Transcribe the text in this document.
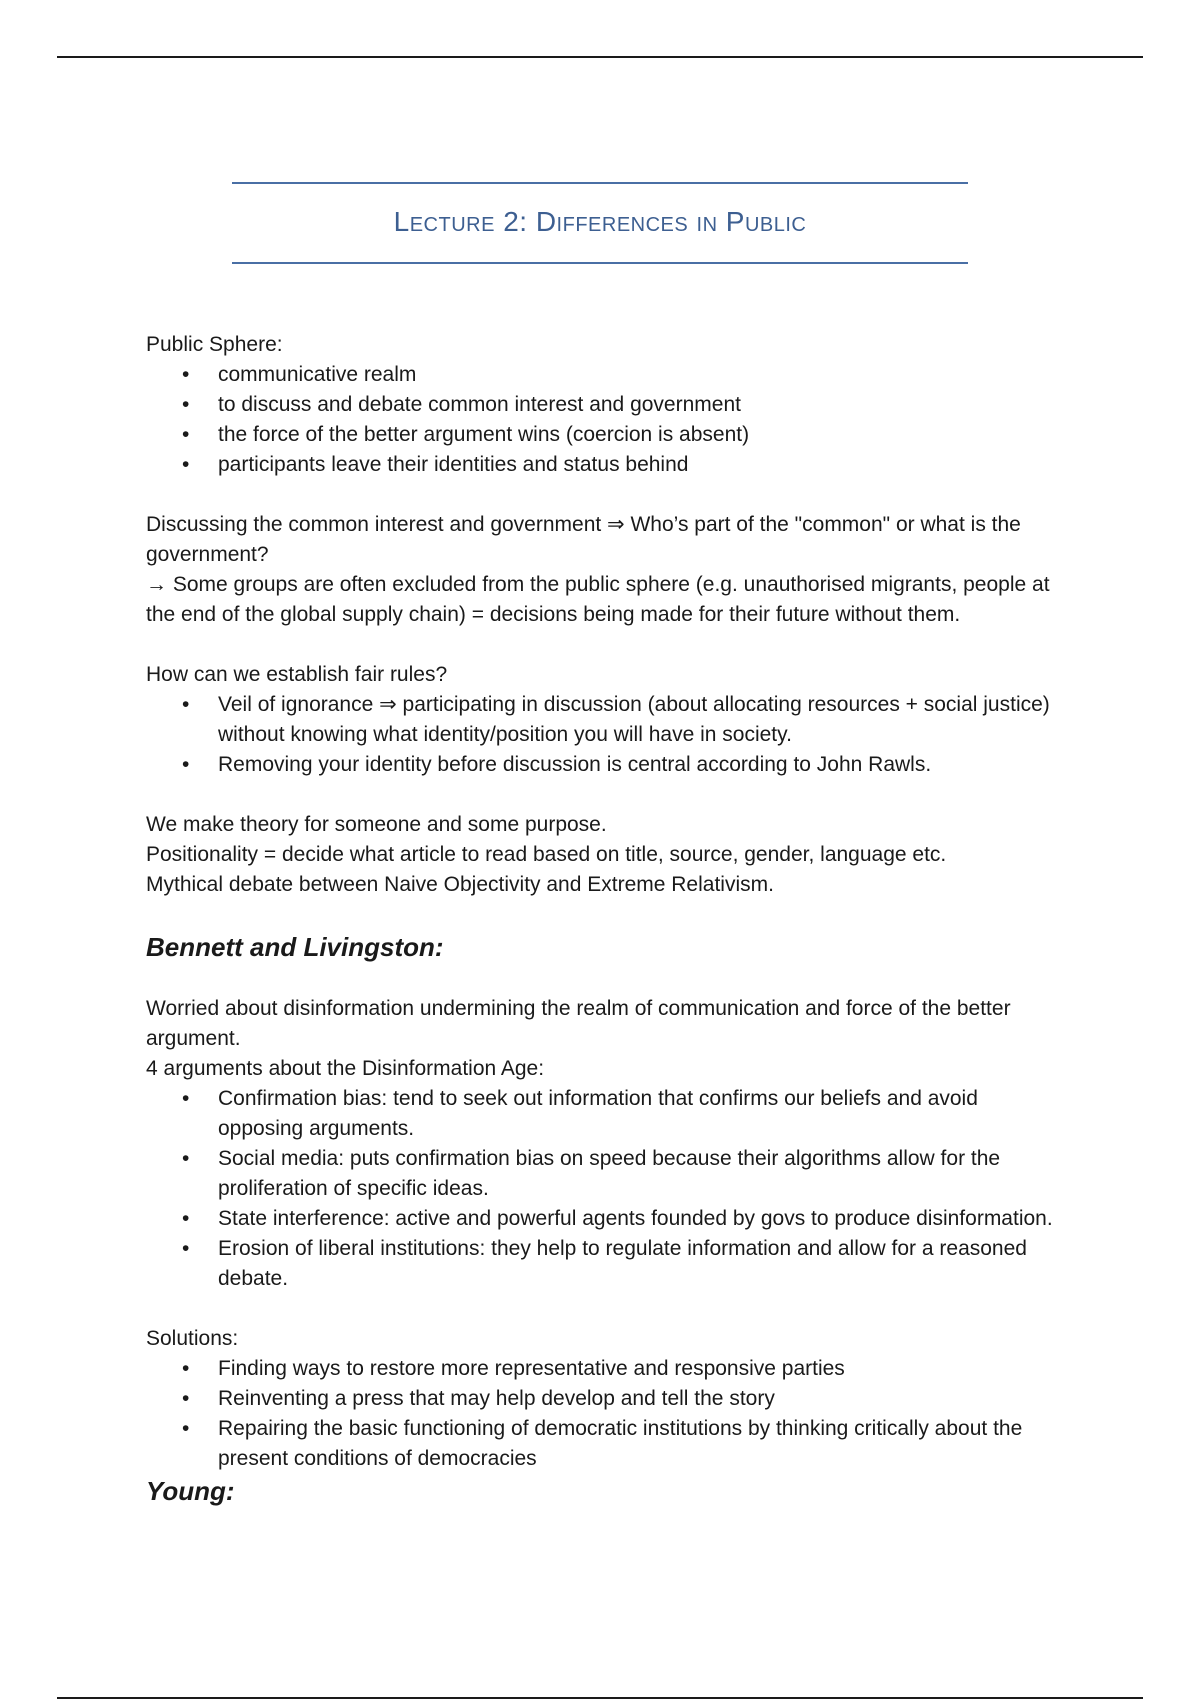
Lecture 2: Differences in Public

Public Sphere:

• communicative realm
• to discuss and debate common interest and government
• the force of the better argument wins (coercion is absent)
• participants leave their identities and status behind

Discussing the common interest and government ⇒ Who’s part of the "common" or what is the government?

→ Some groups are often excluded from the public sphere (e.g. unauthorised migrants, people at the end of the global supply chain) = decisions being made for their future without them.

How can we establish fair rules?

• Veil of ignorance ⇒ participating in discussion (about allocating resources + social justice) without knowing what identity/position you will have in society.
• Removing your identity before discussion is central according to John Rawls.

We make theory for someone and some purpose.

Positionality = decide what article to read based on title, source, gender, language etc.

Mythical debate between Naive Objectivity and Extreme Relativism.

Bennett and Livingston:

Worried about disinformation undermining the realm of communication and force of the better argument.

4 arguments about the Disinformation Age:

• Confirmation bias: tend to seek out information that confirms our beliefs and avoid opposing arguments.
• Social media: puts confirmation bias on speed because their algorithms allow for the proliferation of specific ideas.
• State interference: active and powerful agents founded by govs to produce disinformation.
• Erosion of liberal institutions: they help to regulate information and allow for a reasoned debate.

Solutions:

• Finding ways to restore more representative and responsive parties
• Reinventing a press that may help develop and tell the story
• Repairing the basic functioning of democratic institutions by thinking critically about the present conditions of democracies
Young:
